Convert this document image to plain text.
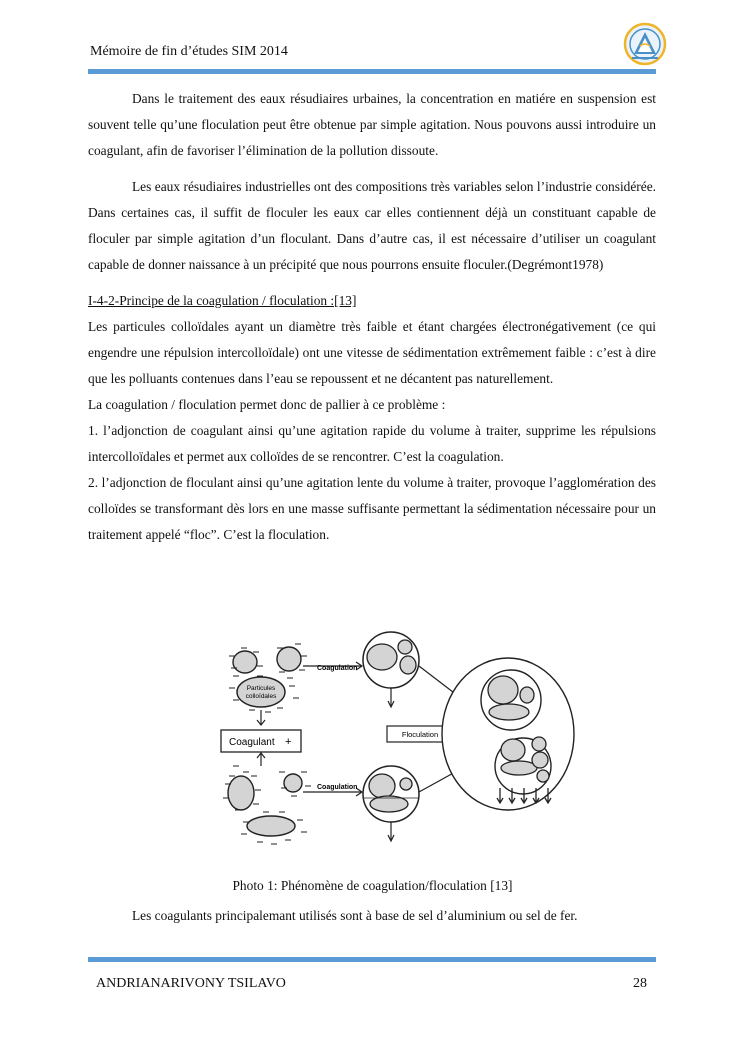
Mémoire de fin d’études SIM 2014

Dans le traitement des eaux résudiaires urbaines, la concentration en matiére en suspension est souvent telle qu’une floculation peut être obtenue par simple agitation. Nous pouvons aussi introduire un coagulant, afin de favoriser l’élimination de la pollution dissoute.

Les eaux résudiaires industrielles ont des compositions très variables selon l’industrie considérée. Dans certaines cas, il suffit de floculer les eaux car elles contiennent déjà un constituant capable de floculer par simple agitation d’un floculant. Dans d’autre cas, il est nécessaire d’utiliser un coagulant capable de donner naissance à un précipité que nous pourrons ensuite floculer.(Degrémont1978)

I-4-2-Principe de la coagulation / floculation :[13]

Les particules colloïdales ayant un diamètre très faible et étant chargées électronégativement (ce qui engendre une répulsion intercolloïdale) ont une vitesse de sédimentation extrêmement faible : c’est à dire que les polluants contenues dans l’eau se repoussent et ne décantent pas naturellement.

La coagulation / floculation permet donc de pallier à ce problème :

1. l’adjonction de coagulant ainsi qu’une agitation rapide du volume à traiter, supprime les répulsions intercolloïdales et permet aux colloïdes de se rencontrer. C’est la coagulation.

2. l’adjonction de floculant ainsi qu’une agitation lente du volume à traiter, provoque l’agglomération des colloïdes se transformant dès lors en une masse suffisante permettant la sédimentation nécessaire pour un traitement appelé “floc”. C’est la floculation.

Particules
colloïdales
Coagulant +
Coagulation
Coagulation
Floculation
Photo 1: Phénomène de coagulation/floculation [13]
Les coagulants principalemant utilisés sont à base de sel d’aluminium ou sel de fer.
ANDRIANARIVONY TSILAVO	28
